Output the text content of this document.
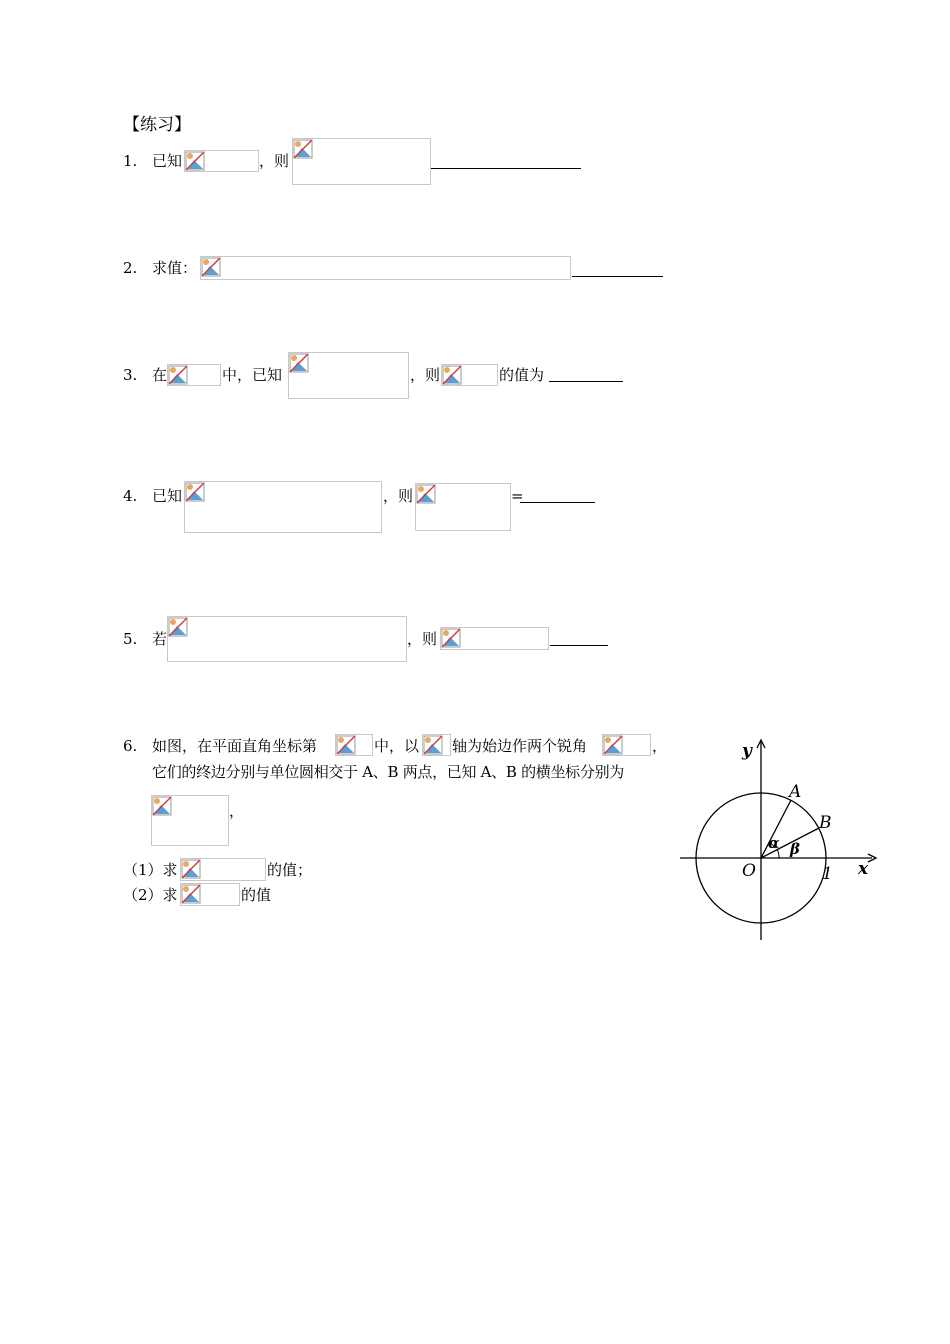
【练习】
1. 已知	，则
2. 求值：
3. 在	中，已知	，则	的值为
4. 已知	，则	=
5. 若	，则
6. 如图，在平面直角坐标第	中，以 轴为始边作两个锐角	，
它们的终边分别与单位圆相交于 A、B 两点，已知 A、B 的横坐标分别为
，
（1）求	的值；
（2）求	的值
y
x
O	1
A
B
α β
